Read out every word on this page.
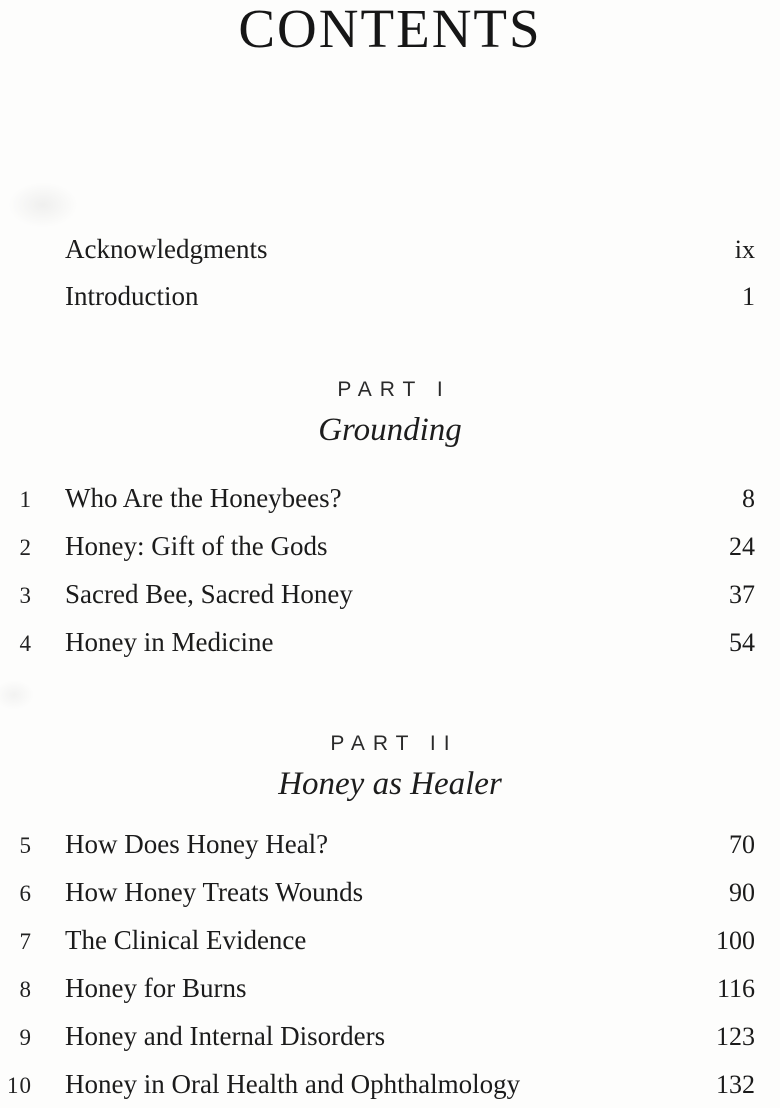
CONTENTS
Acknowledgments	ix
Introduction	1
PART I
Grounding
1 Who Are the Honeybees?	8
2 Honey: Gift of the Gods	24
3 Sacred Bee, Sacred Honey	37
4 Honey in Medicine	54
PART II
Honey as Healer
5 How Does Honey Heal?	70
6 How Honey Treats Wounds	90
7 The Clinical Evidence	100
8 Honey for Burns	116
9 Honey and Internal Disorders	123
10 Honey in Oral Health and Ophthalmology	132
